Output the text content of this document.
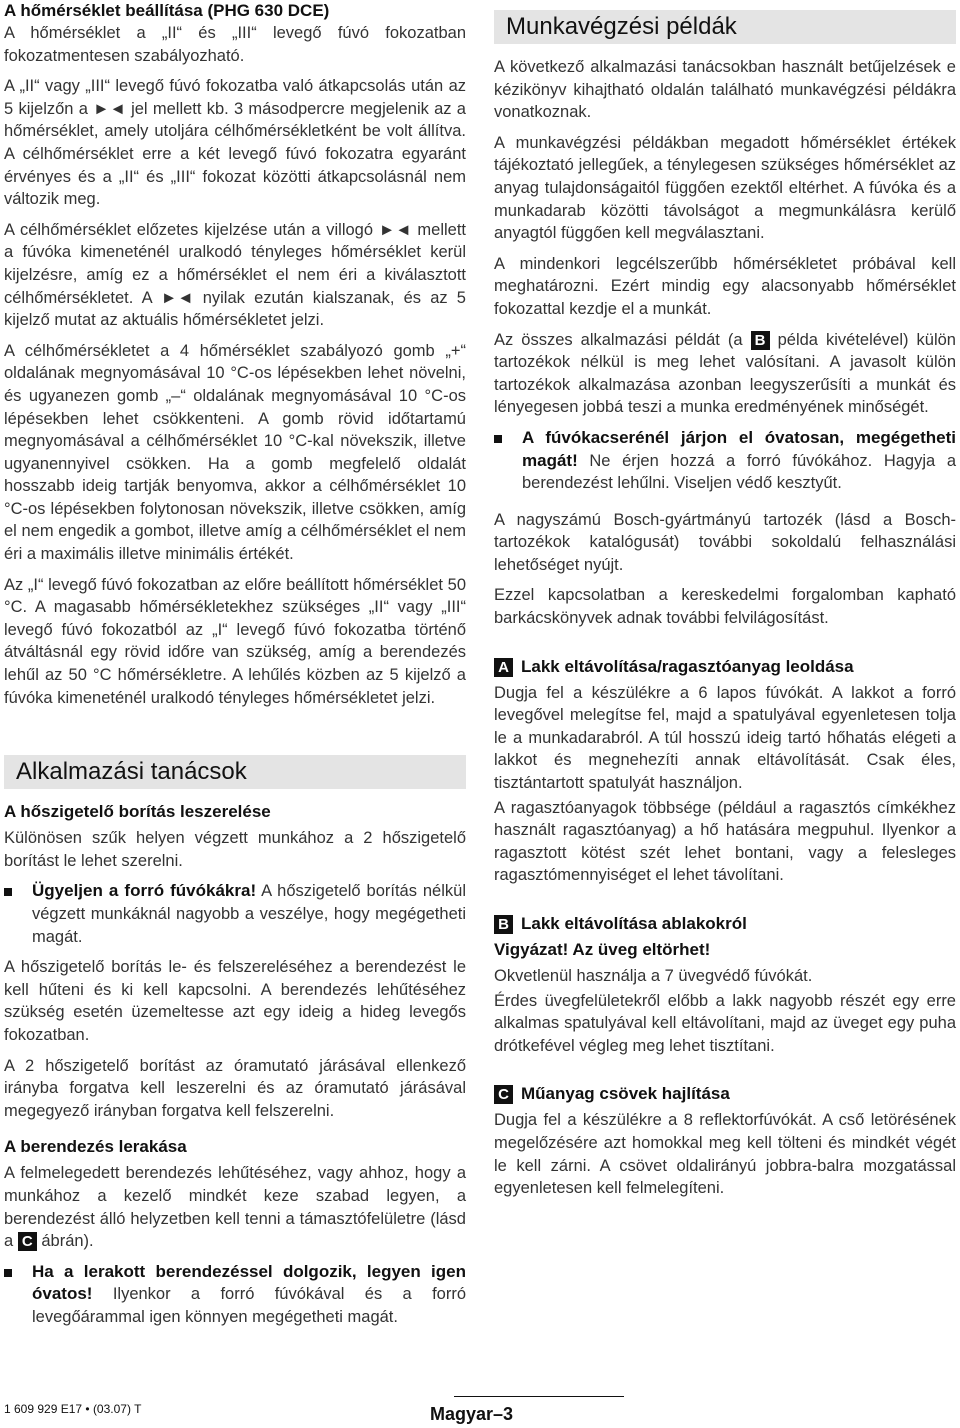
A hőmérséklet beállítása (PHG 630 DCE)

A hőmérséklet a „II“ és „III“ levegő fúvó fokozatban fokozatmentesen szabályozható.

A „II“ vagy „III“ levegő fúvó fokozatba való átkapcsolás után az 5 kijelzőn a ►◄ jel mellett kb. 3 másodpercre megjelenik az a hőmérséklet, amely utoljára célhőmérsékletként be volt állítva. A célhőmérséklet erre a két levegő fúvó fokozatra egyaránt érvényes és a „II“ és „III“ fokozat közötti átkapcsolásnál nem változik meg.

A célhőmérséklet előzetes kijelzése után a villogó ►◄ mellett a fúvóka kimeneténél uralkodó tényleges hőmérséklet kerül kijelzésre, amíg ez a hőmérséklet el nem éri a kiválasztott célhőmérsékletet. A ►◄ nyilak ezután kialszanak, és az 5 kijelző mutat az aktuális hőmérsékletet jelzi.

A célhőmérsékletet a 4 hőmérséklet szabályozó gomb „+“ oldalának megnyomásával 10 °C-os lépésekben lehet növelni, és ugyanezen gomb „–“ oldalának megnyomásával 10 °C-os lépésekben lehet csökkenteni. A gomb rövid időtartamú megnyomásával a célhőmérséklet 10 °C-kal növekszik, illetve ugyanennyivel csökken. Ha a gomb megfelelő oldalát hosszabb ideig tartják benyomva, akkor a célhőmérséklet 10 °C-os lépésekben folytonosan növekszik, illetve csökken, amíg el nem engedik a gombot, illetve amíg a célhőmérséklet el nem éri a maximális illetve minimális értékét.

Az „I“ levegő fúvó fokozatban az előre beállított hőmérséklet 50 °C. A magasabb hőmérsékletekhez szükséges „II“ vagy „III“ levegő fúvó fokozatból az „I“ levegő fúvó fokozatba történő átváltásnál egy rövid időre van szükség, amíg a berendezés lehűl az 50 °C hőmérsékletre. A lehűlés közben az 5 kijelző a fúvóka kimeneténél uralkodó tényleges hőmérsékletet jelzi.

Alkalmazási tanácsok
A hőszigetelő borítás leszerelése

Különösen szűk helyen végzett munkához a 2 hőszigetelő borítást le lehet szerelni.

Ügyeljen a forró fúvókákra! A hőszigetelő borítás nélkül végzett munkáknál nagyobb a veszélye, hogy megégetheti magát.

A hőszigetelő borítás le- és felszereléséhez a berendezést le kell hűteni és ki kell kapcsolni. A berendezés lehűtéséhez szükség esetén üzemeltesse azt egy ideig a hideg levegős fokozatban.

A 2 hőszigetelő borítást az óramutató járásával ellenkező irányba forgatva kell leszerelni és az óramutató járásával megegyező irányban forgatva kell felszerelni.

A berendezés lerakása

A felmelegedett berendezés lehűtéséhez, vagy ahhoz, hogy a munkához a kezelő mindkét keze szabad legyen, a berendezést álló helyzetben kell tenni a támasztófelületre (lásd a C ábrán).

Ha a lerakott berendezéssel dolgozik, legyen igen óvatos! Ilyenkor a forró fúvókával és a forró levegőárammal igen könnyen megégetheti magát.
Munkavégzési példák

A következő alkalmazási tanácsokban használt betűjelzések e kézikönyv kihajtható oldalán található munkavégzési példákra vonatkoznak.

A munkavégzési példákban megadott hőmérséklet értékek tájékoztató jellegűek, a ténylegesen szükséges hőmérséklet az anyag tulajdonságaitól függően ezektől eltérhet. A fúvóka és a munkadarab közötti távolságot a megmunkálásra kerülő anyagtól függően kell megválasztani.

A mindenkori legcélszerűbb hőmérsékletet próbával kell meghatározni. Ezért mindig egy alacsonyabb hőmérséklet fokozattal kezdje el a munkát.

Az összes alkalmazási példát (a B példa kivételével) külön tartozékok nélkül is meg lehet valósítani. A javasolt külön tartozékok alkalmazása azonban leegyszerűsíti a munkát és lényegesen jobbá teszi a munka eredményének minőségét.

A fúvókacserénél járjon el óvatosan, megégetheti magát! Ne érjen hozzá a forró fúvókához. Hagyja a berendezést lehűlni. Viseljen védő kesztyűt.

A nagyszámú Bosch-gyártmányú tartozék (lásd a Bosch-tartozékok katalógusát) további sokoldalú felhasználási lehetőséget nyújt.

Ezzel kapcsolatban a kereskedelmi forgalomban kapható barkácskönyvek adnak további felvilágosítást.

A Lakk eltávolítása/ragasztóanyag leoldása

Dugja fel a készülékre a 6 lapos fúvókát. A lakkot a forró levegővel melegítse fel, majd a spatulyával egyenletesen tolja le a munkadarabról. A túl hosszú ideig tartó hőhatás elégeti a lakkot és megnehezíti annak eltávolítását. Csak éles, tisztántartott spatulyát használjon.

A ragasztóanyagok többsége (például a ragasztós címkékhez használt ragasztóanyag) a hő hatására megpuhul. Ilyenkor a ragasztott kötést szét lehet bontani, vagy a felesleges ragasztómennyiséget el lehet távolítani.

B Lakk eltávolítása ablakokról
Vigyázat! Az üveg eltörhet!

Okvetlenül használja a 7 üvegvédő fúvókát.

Érdes üvegfelületekről előbb a lakk nagyobb részét egy erre alkalmas spatulyával kell eltávolítani, majd az üveget egy puha drótkefével végleg meg lehet tisztítani.

C Műanyag csövek hajlítása

Dugja fel a készülékre a 8 reflektorfúvókát. A cső letörésének megelőzésére azt homokkal meg kell tölteni és mindkét végét le kell zárni. A csövet oldalirányú jobbra-balra mozgatással egyenletesen kell felmelegíteni.

1 609 929 E17 • (03.07) T	Magyar–3
